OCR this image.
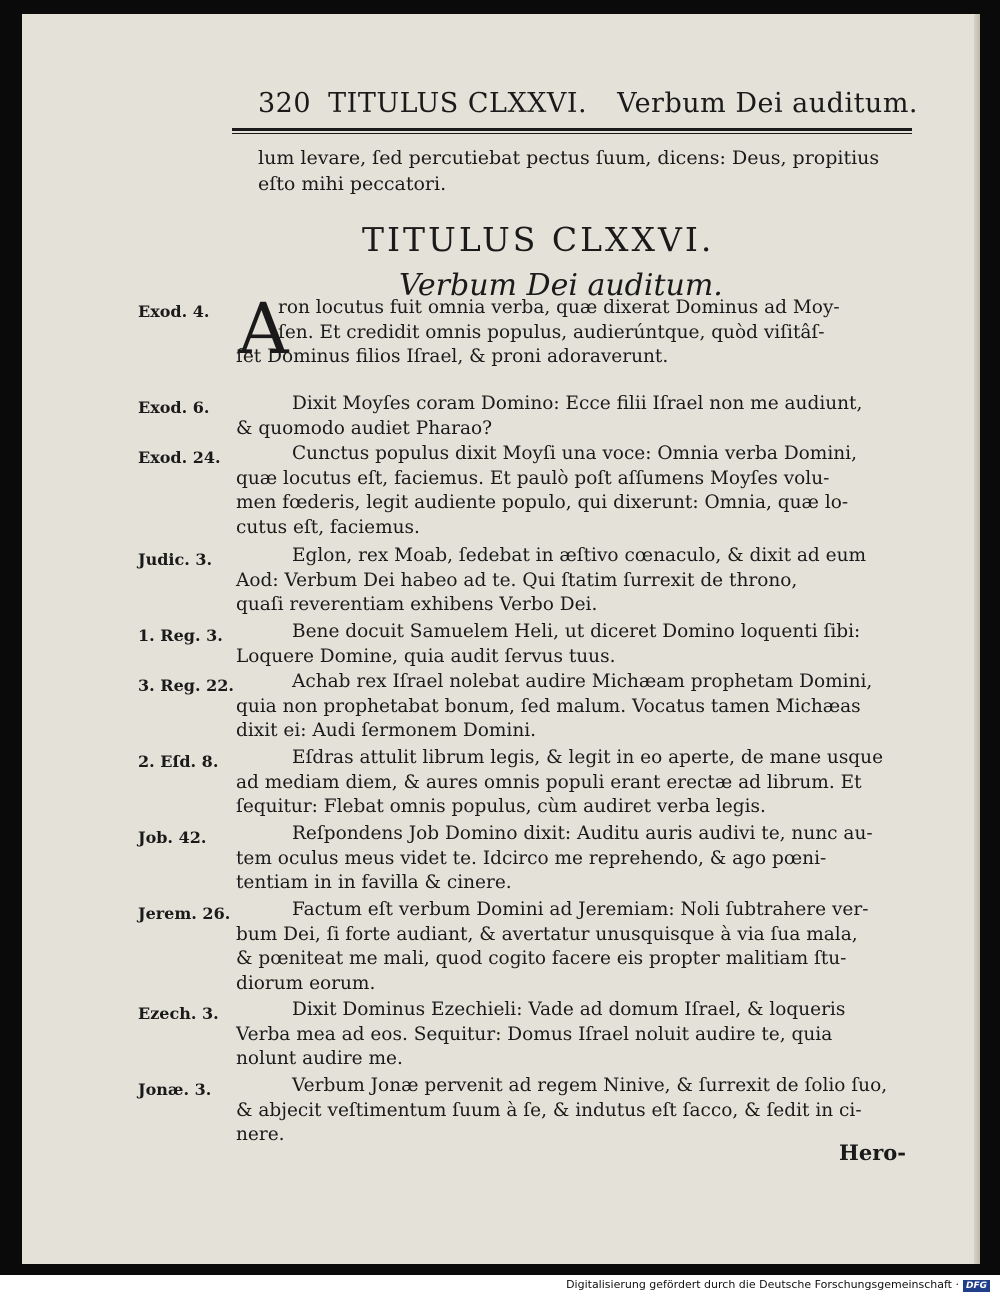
320 TITULUS CLXXVI. Verbum Dei auditum.
lum levare, ſed percutiebat pectus ſuum, dicens: Deus, propitius
eſto mihi peccatori.
TITULUS CLXXVI.
Verbum Dei auditum.
Exod. 4.	ron locutus fuit omnia verba, quæ dixerat Dominus ad Moy-
ſen. Et credidit omnis populus, audierúntque, quòd viſitâſ-
ſet Dominus filios Iſrael, & proni adoraverunt.
A
Exod. 6.	Dixit Moyſes coram Domino: Ecce filii Iſrael non me audiunt,
& quomodo audiet Pharao?
Exod. 24.	Cunctus populus dixit Moyſi una voce: Omnia verba Domini,
quæ locutus eſt, faciemus. Et paulò poſt aſſumens Moyſes volu-
men fœderis, legit audiente populo, qui dixerunt: Omnia, quæ lo-
cutus eſt, faciemus.
Judic. 3.	Eglon, rex Moab, ſedebat in æſtivo cœnaculo, & dixit ad eum
Aod: Verbum Dei habeo ad te. Qui ſtatim ſurrexit de throno,
quaſi reverentiam exhibens Verbo Dei.
1. Reg. 3.	Bene docuit Samuelem Heli, ut diceret Domino loquenti ſibi:
Loquere Domine, quia audit ſervus tuus.
3. Reg. 22.	Achab rex Iſrael nolebat audire Michæam prophetam Domini,
quia non prophetabat bonum, ſed malum. Vocatus tamen Michæas
dixit ei: Audi ſermonem Domini.
2. Eſd. 8.	Eſdras attulit librum legis, & legit in eo aperte, de mane usque
ad mediam diem, & aures omnis populi erant erectæ ad librum. Et
ſequitur: Flebat omnis populus, cùm audiret verba legis.
Job. 42.	Reſpondens Job Domino dixit: Auditu auris audivi te, nunc au-
tem oculus meus videt te. Idcirco me reprehendo, & ago pœni-
tentiam in in favilla & cinere.
Jerem. 26.	Factum eſt verbum Domini ad Jeremiam: Noli ſubtrahere ver-
bum Dei, ſi forte audiant, & avertatur unusquisque à via ſua mala,
& pœniteat me mali, quod cogito facere eis propter malitiam ſtu-
diorum eorum.
Ezech. 3.	Dixit Dominus Ezechieli: Vade ad domum Iſrael, & loqueris
Verba mea ad eos. Sequitur: Domus Iſrael noluit audire te, quia
nolunt audire me.
Jonæ. 3.	Verbum Jonæ pervenit ad regem Ninive, & ſurrexit de ſolio ſuo,
& abjecit veſtimentum ſuum à ſe, & indutus eſt ſacco, & ſedit in ci-
nere.
Hero-
Digitalisierung gefördert durch die Deutsche Forschungsgemeinschaft · DFG
